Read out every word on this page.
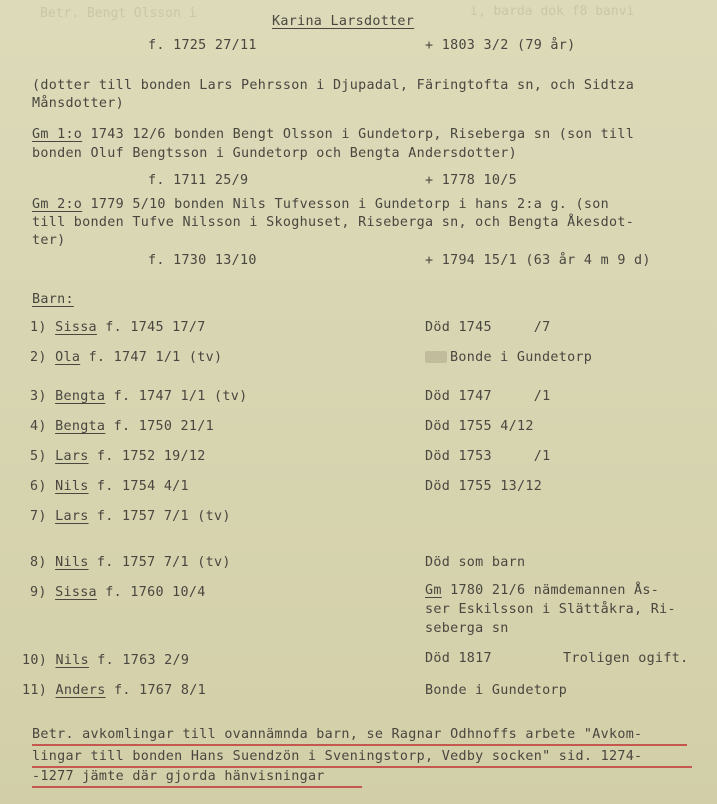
Betr. Bengt Olsson i	i, barda dok f8 banvi
Karina Larsdotter
f. 1725 27/11	+ 1803 3/2 (79 år)
(dotter till bonden Lars Pehrsson i Djupadal, Färingtofta sn, och Sidtza
Månsdotter)
Gm 1:o 1743 12/6 bonden Bengt Olsson i Gundetorp, Riseberga sn (son till
bonden Oluf Bengtsson i Gundetorp och Bengta Andersdotter)
f. 1711 25/9	+ 1778 10/5
Gm 2:o 1779 5/10 bonden Nils Tufvesson i Gundetorp i hans 2:a g. (son
till bonden Tufve Nilsson i Skoghuset, Riseberga sn, och Bengta Åkesdot-
ter)
f. 1730 13/10	+ 1794 15/1 (63 år 4 m 9 d)
Barn:
1) Sissa f. 1745 17/7	Död 1745     /7
2) Ola f. 1747 1/1 (tv)	Bonde i Gundetorp
3) Bengta f. 1747 1/1 (tv)	Död 1747     /1
4) Bengta f. 1750 21/1	Död 1755 4/12
5) Lars f. 1752 19/12	Död 1753     /1
6) Nils f. 1754 4/1	Död 1755 13/12
7) Lars f. 1757 7/1 (tv)
8) Nils f. 1757 7/1 (tv)	Död som barn
9) Sissa f. 1760 10/4	Gm 1780 21/6 nämdemannen Ås-
ser Eskilsson i Slättåkra, Ri-
seberga sn
10) Nils f. 1763 2/9	Död 1817	Troligen ogift.
11) Anders f. 1767 8/1	Bonde i Gundetorp
Betr. avkomlingar till ovannämnda barn, se Ragnar Odhnoffs arbete "Avkom-
lingar till bonden Hans Suendzön i Sveningstorp, Vedby socken" sid. 1274-
-1277 jämte där gjorda hänvisningar
